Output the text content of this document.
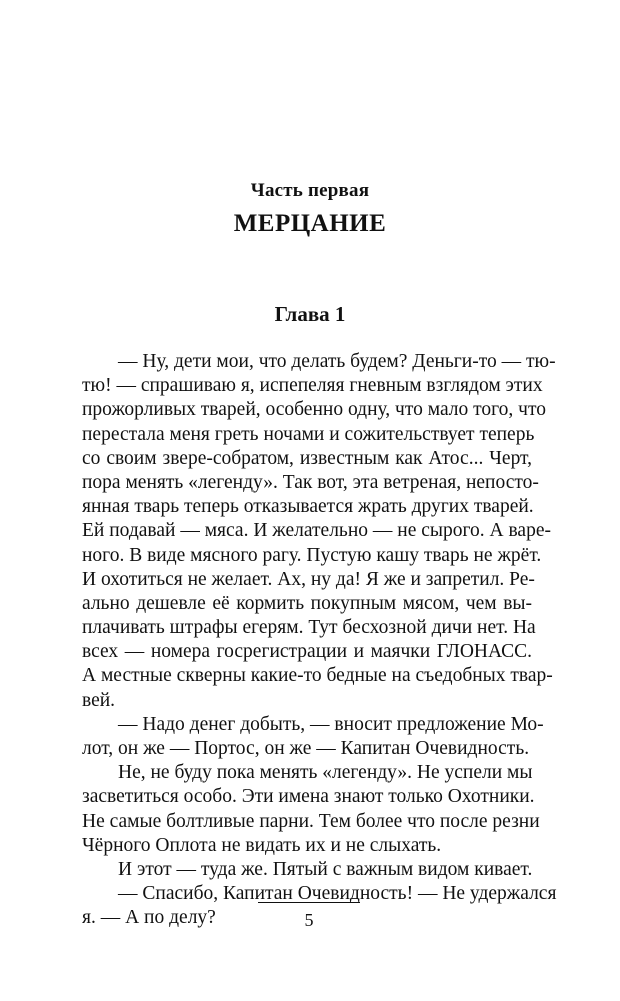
Часть первая
МЕРЦАНИЕ
Глава 1
— Ну, дети мои, что делать будем? Деньги-то — тю-
тю! — спрашиваю я, испепеляя гневным взглядом этих
прожорливых тварей, особенно одну, что мало того, что
перестала меня греть ночами и сожительствует теперь
со своим звере-собратом, известным как Атос... Черт,
пора менять «легенду». Так вот, эта ветреная, непосто-
янная тварь теперь отказывается жрать других тварей.
Ей подавай — мяса. И желательно — не сырого. А варе-
ного. В виде мясного рагу. Пустую кашу тварь не жрёт.
И охотиться не желает. Ах, ну да! Я же и запретил. Ре-
ально дешевле её кормить покупным мясом, чем вы-
плачивать штрафы егерям. Тут бесхозной дичи нет. На
всех — номера госрегистрации и маячки ГЛОНАСС.
А местные скверны какие-то бедные на съедобных твар-
вей.
— Надо денег добыть, — вносит предложение Мо-
лот, он же — Портос, он же — Капитан Очевидность.
Не, не буду пока менять «легенду». Не успели мы
засветиться особо. Эти имена знают только Охотники.
Не самые болтливые парни. Тем более что после резни
Чёрного Оплота не видать их и не слыхать.
И этот — туда же. Пятый с важным видом кивает.
— Спасибо, Капитан Очевидность! — Не удержался
я. — А по делу?	5
